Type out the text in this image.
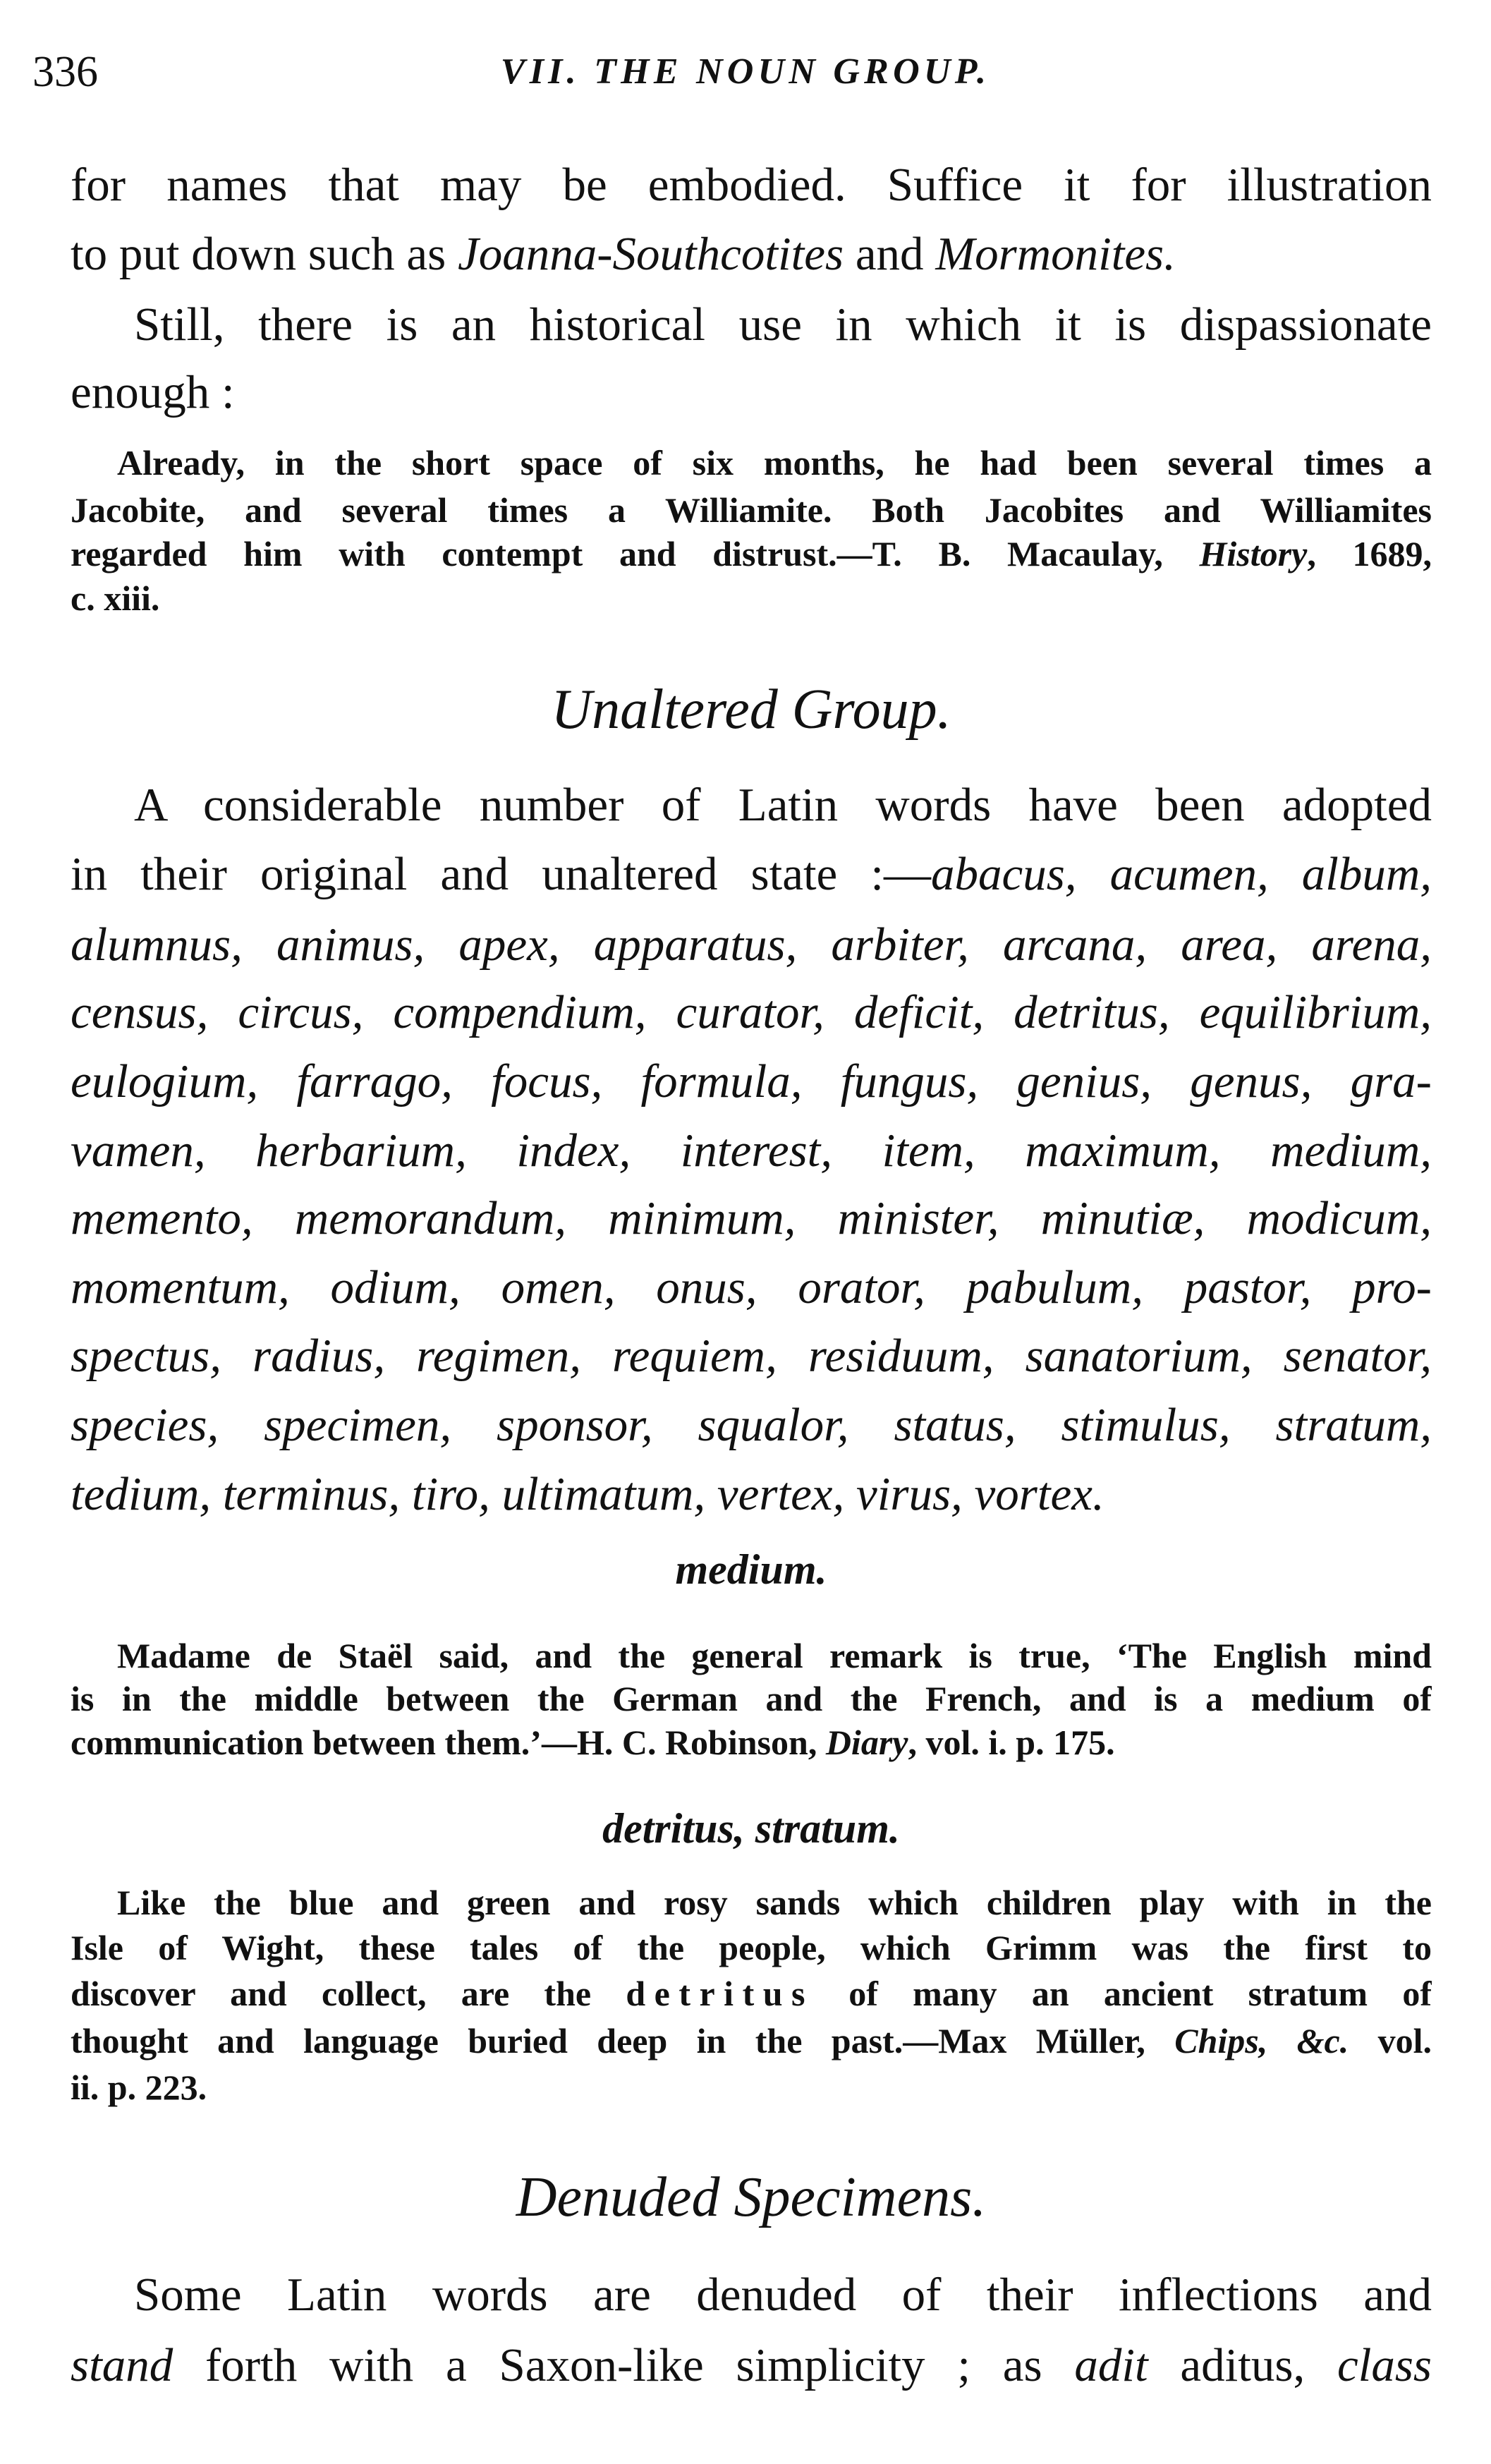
336	VII. THE NOUN GROUP.
for names that may be embodied. Suffice it for illustration
to put down such as Joanna-Southcotites and Mormonites.
Still, there is an historical use in which it is dispassionate
enough :
Already, in the short space of six months, he had been several times a
Jacobite, and several times a Williamite. Both Jacobites and Williamites
regarded him with contempt and distrust.—T. B. Macaulay, History, 1689,
c. xiii.
Unaltered Group.
A considerable number of Latin words have been adopted
in their original and unaltered state :—abacus, acumen, album,
alumnus, animus, apex, apparatus, arbiter, arcana, area, arena,
census, circus, compendium, curator, deficit, detritus, equilibrium,
eulogium, farrago, focus, formula, fungus, genius, genus, gra-
vamen, herbarium, index, interest, item, maximum, medium,
memento, memorandum, minimum, minister, minutiæ, modicum,
momentum, odium, omen, onus, orator, pabulum, pastor, pro-
spectus, radius, regimen, requiem, residuum, sanatorium, senator,
species, specimen, sponsor, squalor, status, stimulus, stratum,
tedium, terminus, tiro, ultimatum, vertex, virus, vortex.
medium.
Madame de Staël said, and the general remark is true, ‘The English mind
is in the middle between the German and the French, and is a medium of
communication between them.’—H. C. Robinson, Diary, vol. i. p. 175.
detritus, stratum.
Like the blue and green and rosy sands which children play with in the
Isle of Wight, these tales of the people, which Grimm was the first to
discover and collect, are the detritus of many an ancient stratum of
thought and language buried deep in the past.—Max Müller, Chips, &c. vol.
ii. p. 223.
Denuded Specimens.
Some Latin words are denuded of their inflections and
stand forth with a Saxon-like simplicity ; as adit aditus, class
